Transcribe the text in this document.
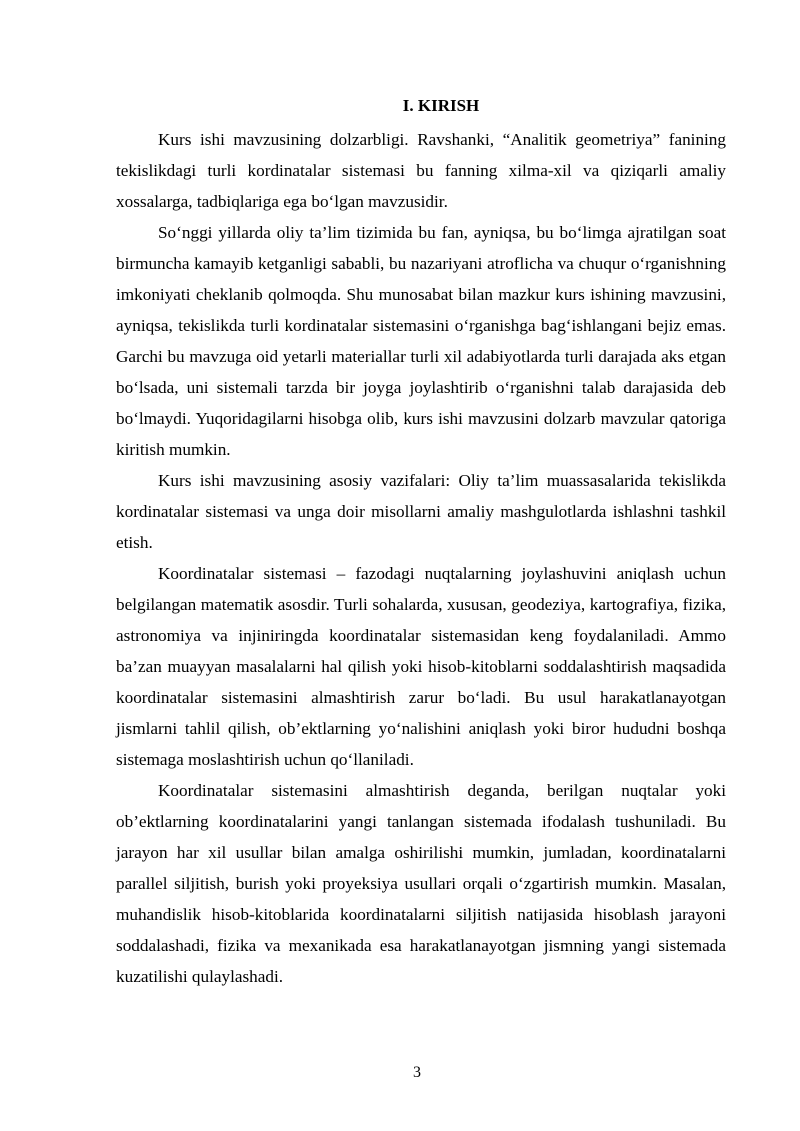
I. KIRISH

Kurs ishi mavzusining dolzarbligi. Ravshanki, “Analitik geometriya” fanining tekislikdagi turli kordinatalar sistemasi bu fanning xilma-xil va qiziqarli amaliy xossalarga, tadbiqlariga ega bo‘lgan mavzusidir.

So‘nggi yillarda oliy ta’lim tizimida bu fan, ayniqsa, bu bo‘limga ajratilgan soat birmuncha kamayib ketganligi sababli, bu nazariyani atroflicha va chuqur o‘rganishning imkoniyati cheklanib qolmoqda. Shu munosabat bilan mazkur kurs ishining mavzusini, ayniqsa, tekislikda turli kordinatalar sistemasini o‘rganishga bag‘ishlangani bejiz emas. Garchi bu mavzuga oid yetarli materiallar turli xil adabiyotlarda turli darajada aks etgan bo‘lsada, uni sistemali tarzda bir joyga joylashtirib o‘rganishni talab darajasida deb bo‘lmaydi. Yuqoridagilarni hisobga olib, kurs ishi mavzusini dolzarb mavzular qatoriga kiritish mumkin.

Kurs ishi mavzusining asosiy vazifalari: Oliy ta’lim muassasalarida tekislikda kordinatalar sistemasi va unga doir misollarni amaliy mashgulotlarda ishlashni tashkil etish.

Koordinatalar sistemasi – fazodagi nuqtalarning joylashuvini aniqlash uchun belgilangan matematik asosdir. Turli sohalarda, xususan, geodeziya, kartografiya, fizika, astronomiya va injiniringda koordinatalar sistemasidan keng foydalaniladi. Ammo ba’zan muayyan masalalarni hal qilish yoki hisob-kitoblarni soddalashtirish maqsadida koordinatalar sistemasini almashtirish zarur bo‘ladi. Bu usul harakatlanayotgan jismlarni tahlil qilish, ob’ektlarning yo‘nalishini aniqlash yoki biror hududni boshqa sistemaga moslashtirish uchun qo‘llaniladi.

Koordinatalar sistemasini almashtirish deganda, berilgan nuqtalar yoki ob’ektlarning koordinatalarini yangi tanlangan sistemada ifodalash tushuniladi. Bu jarayon har xil usullar bilan amalga oshirilishi mumkin, jumladan, koordinatalarni parallel siljitish, burish yoki proyeksiya usullari orqali o‘zgartirish mumkin. Masalan, muhandislik hisob-kitoblarida koordinatalarni siljitish natijasida hisoblash jarayoni soddalashadi, fizika va mexanikada esa harakatlanayotgan jismning yangi sistemada kuzatilishi qulaylashadi.

3
